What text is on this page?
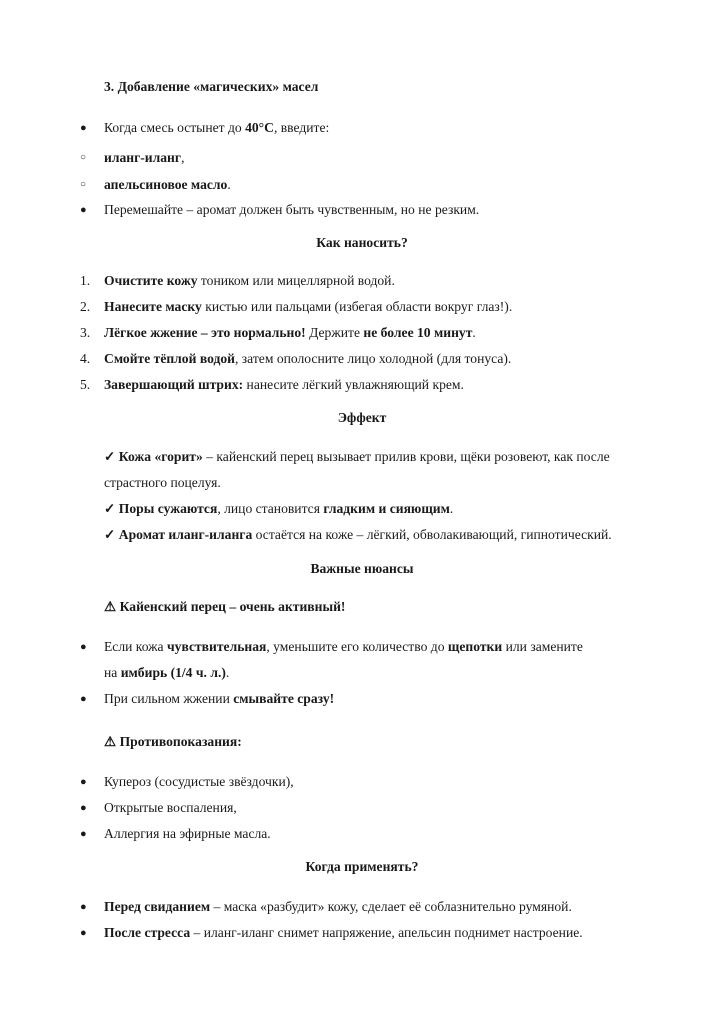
3. Добавление «магических» масел
●	Когда смесь остынет до 40°C, введите:
○	иланг-иланг,
○	апельсиновое масло.
●	Перемешайте – аромат должен быть чувственным, но не резким.
Как наносить?
1. Очистите кожу тоником или мицеллярной водой.
2. Нанесите маску кистью или пальцами (избегая области вокруг глаз!).
3. Лёгкое жжение – это нормально! Держите не более 10 минут.
4. Смойте тёплой водой, затем ополосните лицо холодной (для тонуса).
5. Завершающий штрих: нанесите лёгкий увлажняющий крем.
Эффект
✓ Кожа «горит» – кайенский перец вызывает прилив крови, щёки розовеют, как после
страстного поцелуя.
✓ Поры сужаются, лицо становится гладким и сияющим.
✓ Аромат иланг-иланга остаётся на коже – лёгкий, обволакивающий, гипнотический.
Важные нюансы
⚠ Кайенский перец – очень активный!
●	Если кожа чувствительная, уменьшите его количество до щепотки или замените
на имбирь (1/4 ч. л.).
●	При сильном жжении смывайте сразу!
⚠ Противопоказания:
●	Купероз (сосудистые звёздочки),
●	Открытые воспаления,
●	Аллергия на эфирные масла.
Когда применять?
●	Перед свиданием – маска «разбудит» кожу, сделает её соблазнительно румяной.
●	После стресса – иланг-иланг снимет напряжение, апельсин поднимет настроение.
